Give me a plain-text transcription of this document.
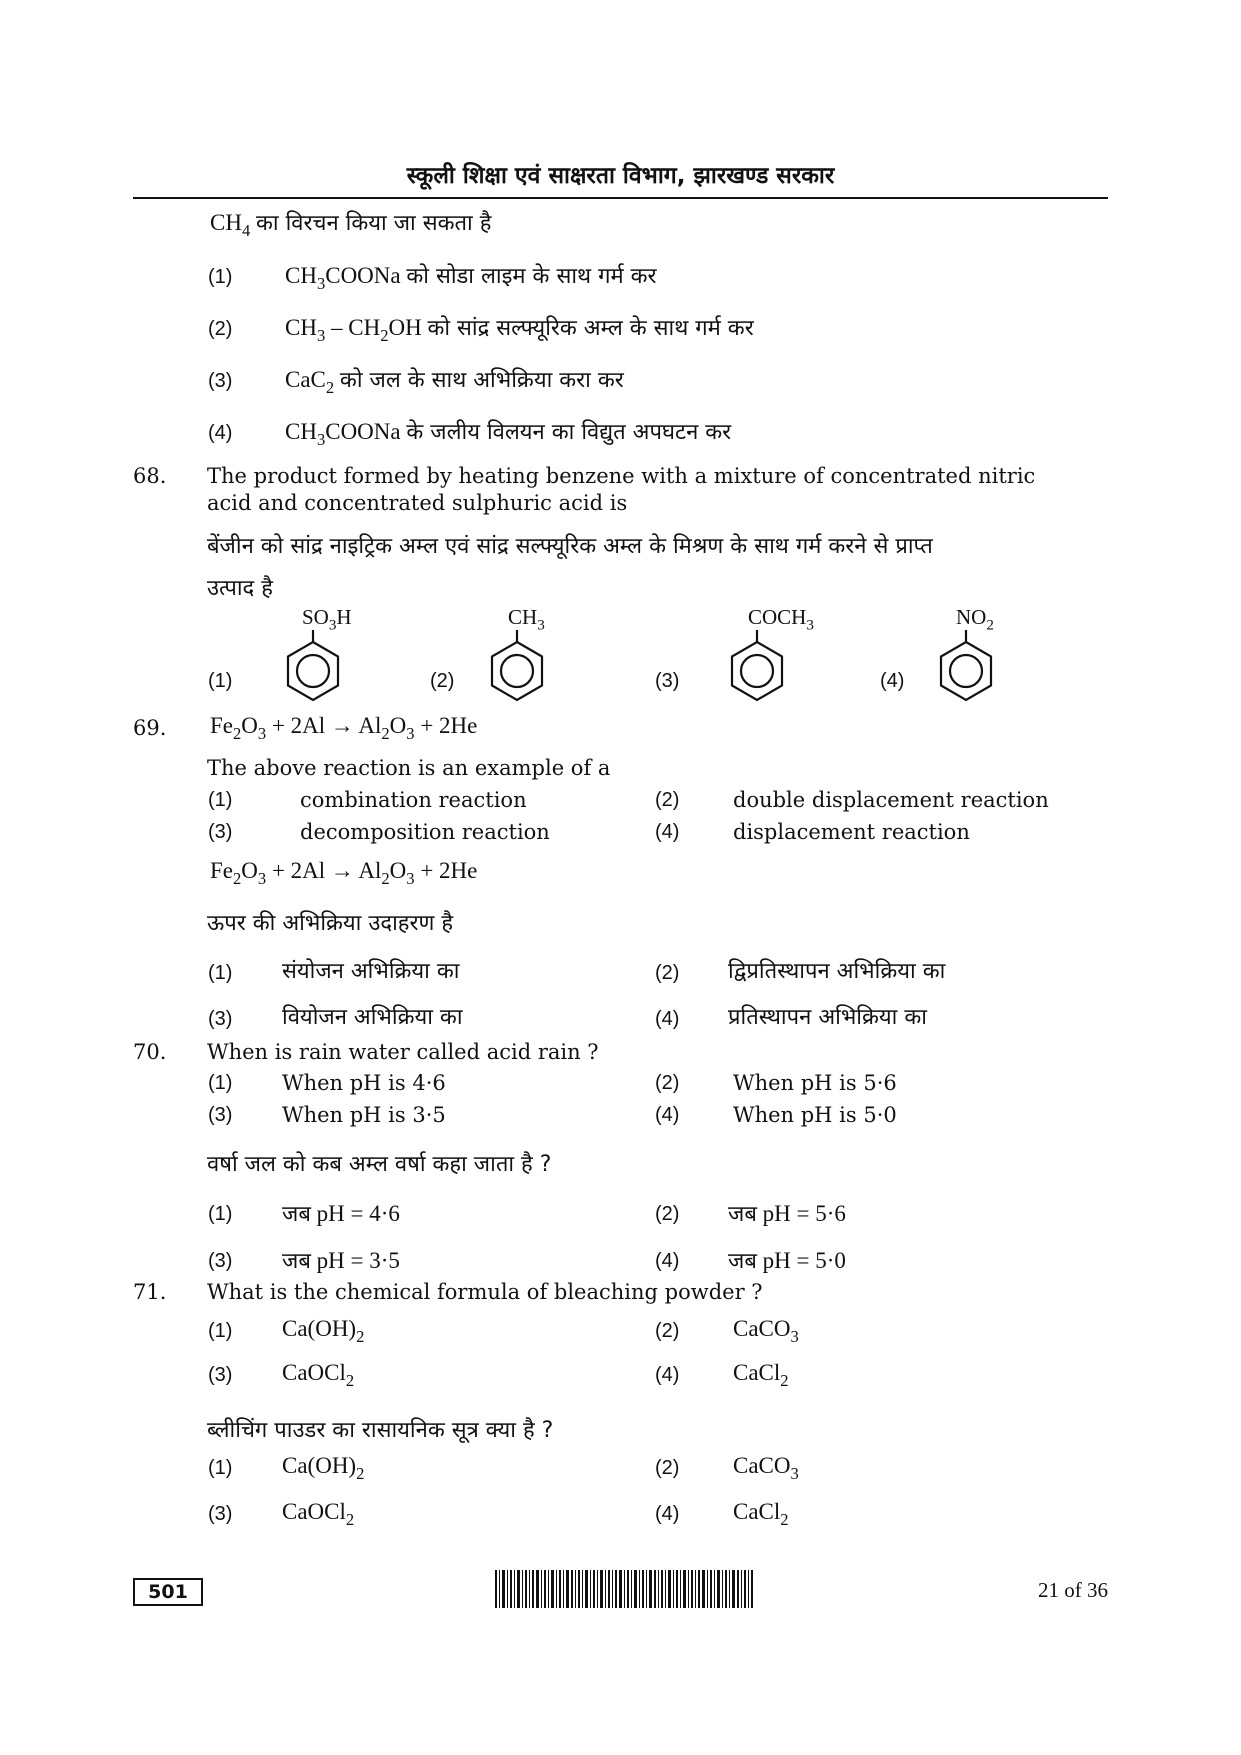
स्कूली शिक्षा एवं साक्षरता विभाग, झारखण्ड सरकार
$CH_4$ का विरचन किया जा सकता है
(1) $CH_3COONa$ को सोडा लाइम के साथ गर्म कर
(2) $CH_3 - CH_2OH$ को सांद्र सल्फ्यूरिक अम्ल के साथ गर्म कर
(3) CaC$_2$ को जल के साथ अभिक्रिया करा कर
(4) $CH_3COONa$ के जलीय विलयन का विद्युत अपघटन कर
68. The product formed by heating benzene with a mixture of concentrated nitric
acid and concentrated sulphuric acid is
बेंजीन को सांद्र नाइट्रिक अम्ल एवं सांद्र सल्फ्यूरिक अम्ल के मिश्रण के साथ गर्म करने से प्राप्त
उत्पाद है
(1)
$SO_3H$
(2)
$CH_3$
(3)
$COCH_3$
(4)
$NO_2$
69. $Fe_2O_3 + 2Al \to Al_2O_3 + 2He$
The above reaction is an example of a
(1)	combination reaction	(2)	double displacement reaction
(3)	decomposition reaction	(4)	displacement reaction
$Fe_2O_3 + 2Al \to Al_2O_3 + 2He$
ऊपर की अभिक्रिया उदाहरण है
(1) संयोजन अभिक्रिया का	(2) द्विप्रतिस्थापन अभिक्रिया का
(3) वियोजन अभिक्रिया का	(4) प्रतिस्थापन अभिक्रिया का
70. When is rain water called acid rain ?
(1) When pH is 4·6	(2)	When pH is 5·6
(3) When pH is 3·5	(4)	When pH is 5·0
वर्षा जल को कब अम्ल वर्षा कहा जाता है ?
(1) जब pH = 4·6	(2) जब pH = 5·6
(3) जब pH = 3·5	(4) जब pH = 5·0
71. What is the chemical formula of bleaching powder ?
(1) $Ca(OH)_2$	(2) CaCO$_3$
(3) CaOCl$_2$	(4) CaCl$_2$
ब्लीचिंग पाउडर का रासायनिक सूत्र क्या है ?
(1) $Ca(OH)_2$	(2) CaCO$_3$
(3) CaOCl$_2$	(4) CaCl$_2$
501	21 of 36
